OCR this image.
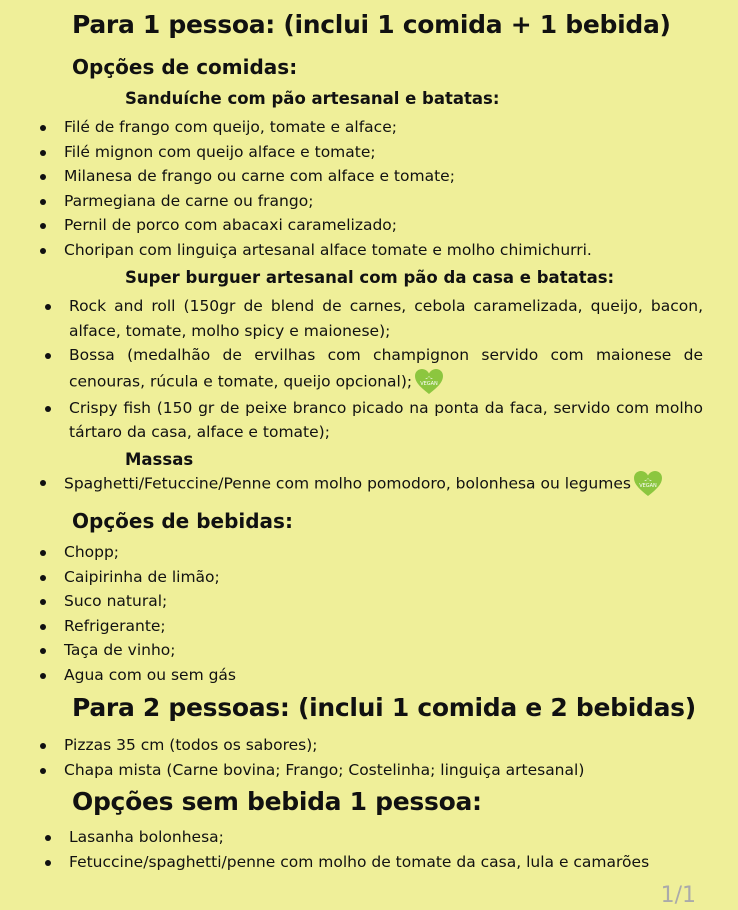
Para 1 pessoa: (inclui 1 comida + 1 bebida)
Opções de comidas:
Sanduíche com pão artesanal e batatas:
Filé de frango com queijo, tomate e alface;
Filé mignon com queijo alface e tomate;
Milanesa de frango ou carne com alface e tomate;
Parmegiana de carne ou frango;
Pernil de porco com abacaxi caramelizado;
Choripan com linguiça artesanal alface tomate e molho chimichurri.
Super burguer artesanal com pão da casa e batatas:
Rock and roll (150gr de blend de carnes, cebola caramelizada, queijo, bacon, alface, tomate, molho spicy e maionese);
Bossa (medalhão de ervilhas com champignon servido com maionese de cenouras, rúcula e tomate, queijo opcional); VEGAN
Crispy fish (150 gr de peixe branco picado na ponta da faca, servido com molho tártaro da casa, alface e tomate);
Massas
Spaghetti/Fetuccine/Penne com molho pomodoro, bolonhesa ou legumes VEGAN
Opções de bebidas:
Chopp;
Caipirinha de limão;
Suco natural;
Refrigerante;
Taça de vinho;
Agua com ou sem gás
Para 2 pessoas: (inclui 1 comida e 2 bebidas)
Pizzas 35 cm (todos os sabores);
Chapa mista (Carne bovina; Frango; Costelinha; linguiça artesanal)
Opções sem bebida 1 pessoa:
Lasanha bolonhesa;
Fetuccine/spaghetti/penne com molho de tomate da casa, lula e camarões
1/1
